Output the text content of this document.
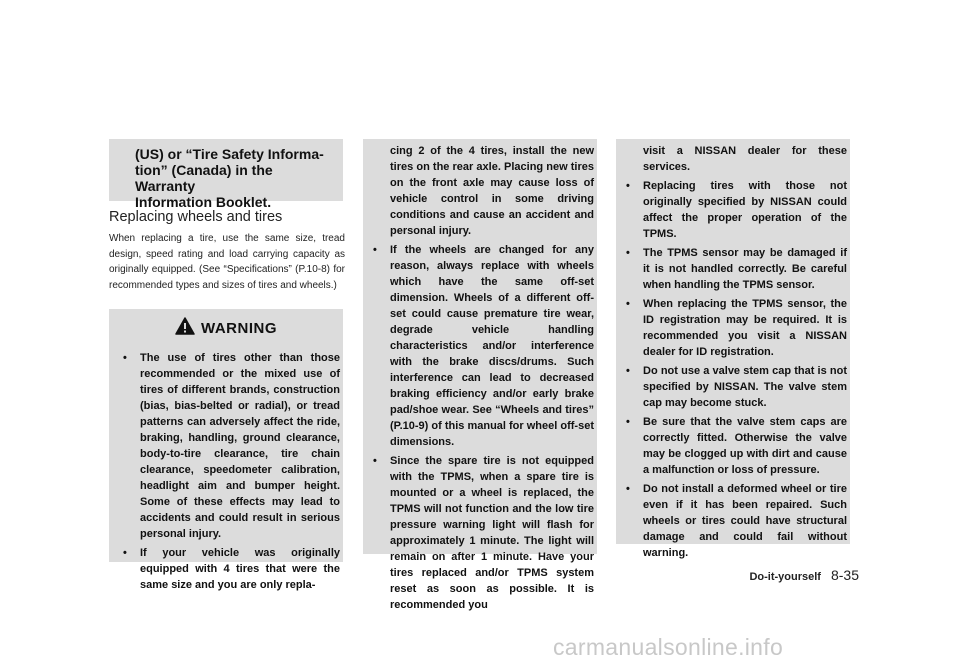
(US) or “Tire Safety Informa-
tion” (Canada) in the Warranty
Information Booklet.
Replacing wheels and tires
When replacing a tire, use the same size, tread design, speed rating and load carrying capacity as originally equipped. (See “Specifications” (P.10-8) for recommended types and sizes of tires and wheels.)
WARNING
• The use of tires other than those recommended or the mixed use of tires of different brands, construction (bias, bias-belted or radial), or tread patterns can adversely affect the ride, braking, handling, ground clearance, body-to-tire clearance, tire chain clearance, speedometer calibration, headlight aim and bumper height. Some of these effects may lead to accidents and could result in serious personal injury.
• If your vehicle was originally equipped with 4 tires that were the same size and you are only repla-
cing 2 of the 4 tires, install the new tires on the rear axle. Placing new tires on the front axle may cause loss of vehicle control in some driving conditions and cause an accident and personal injury.
• If the wheels are changed for any reason, always replace with wheels which have the same off-set dimension. Wheels of a different off-set could cause premature tire wear, degrade vehicle handling characteristics and/or interference with the brake discs/drums. Such interference can lead to decreased braking efficiency and/or early brake pad/shoe wear. See “Wheels and tires” (P.10-9) of this manual for wheel off-set dimensions.
• Since the spare tire is not equipped with the TPMS, when a spare tire is mounted or a wheel is replaced, the TPMS will not function and the low tire pressure warning light will flash for approximately 1 minute. The light will remain on after 1 minute. Have your tires replaced and/or TPMS system reset as soon as possible. It is recommended you
visit a NISSAN dealer for these services.
• Replacing tires with those not originally specified by NISSAN could affect the proper operation of the TPMS.
• The TPMS sensor may be damaged if it is not handled correctly. Be careful when handling the TPMS sensor.
• When replacing the TPMS sensor, the ID registration may be required. It is recommended you visit a NISSAN dealer for ID registration.
• Do not use a valve stem cap that is not specified by NISSAN. The valve stem cap may become stuck.
• Be sure that the valve stem caps are correctly fitted. Otherwise the valve may be clogged up with dirt and cause a malfunction or loss of pressure.
• Do not install a deformed wheel or tire even if it has been repaired. Such wheels or tires could have structural damage and could fail without warning.
Do-it-yourself 8-35
carmanualsonline.info
